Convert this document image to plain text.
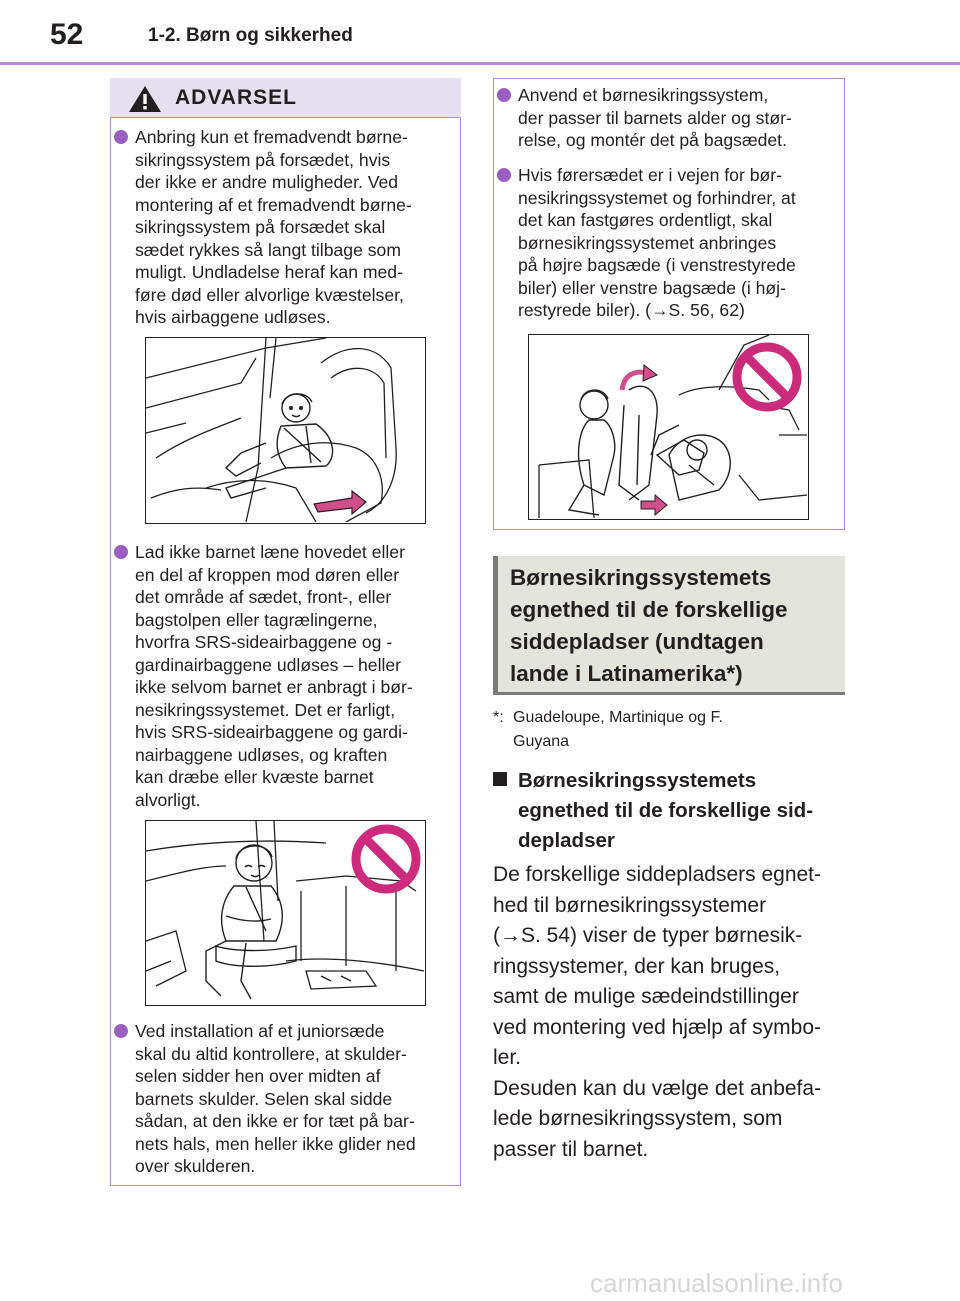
52	1-2. Børn og sikkerhed
ADVARSEL
Anbring kun et fremadvendt børne-
sikringssystem på forsædet, hvis
der ikke er andre muligheder. Ved
montering af et fremadvendt børne-
sikringssystem på forsædet skal
sædet rykkes så langt tilbage som
muligt. Undladelse heraf kan med-
føre død eller alvorlige kvæstelser,
hvis airbaggene udløses.
Lad ikke barnet læne hovedet eller
en del af kroppen mod døren eller
det område af sædet, front-, eller
bagstolpen eller tagrælingerne,
hvorfra SRS-sideairbaggene og -
gardinairbaggene udløses – heller
ikke selvom barnet er anbragt i bør-
nesikringssystemet. Det er farligt,
hvis SRS-sideairbaggene og gardi-
nairbaggene udløses, og kraften
kan dræbe eller kvæste barnet
alvorligt.
Ved installation af et juniorsæde
skal du altid kontrollere, at skulder-
selen sidder hen over midten af
barnets skulder. Selen skal sidde
sådan, at den ikke er for tæt på bar-
nets hals, men heller ikke glider ned
over skulderen.
Anvend et børnesikringssystem,
der passer til barnets alder og stør-
relse, og montér det på bagsædet.
Hvis førersædet er i vejen for bør-
nesikringssystemet og forhindrer, at
det kan fastgøres ordentligt, skal
børnesikringssystemet anbringes
på højre bagsæde (i venstrestyrede
biler) eller venstre bagsæde (i høj-
restyrede biler). (→S. 56, 62)
Børnesikringssystemets
egnethed til de forskellige
siddepladser (undtagen
lande i Latinamerika*)
*: Guadeloupe, Martinique og F.
Guyana
Børnesikringssystemets
egnethed til de forskellige sid-
depladser
De forskellige siddepladsers egnet-
hed til børnesikringssystemer
(→S. 54) viser de typer børnesik-
ringssystemer, der kan bruges,
samt de mulige sædeindstillinger
ved montering ved hjælp af symbo-
ler.
Desuden kan du vælge det anbefa-
lede børnesikringssystem, som
passer til barnet.
carmanualsonline.info
